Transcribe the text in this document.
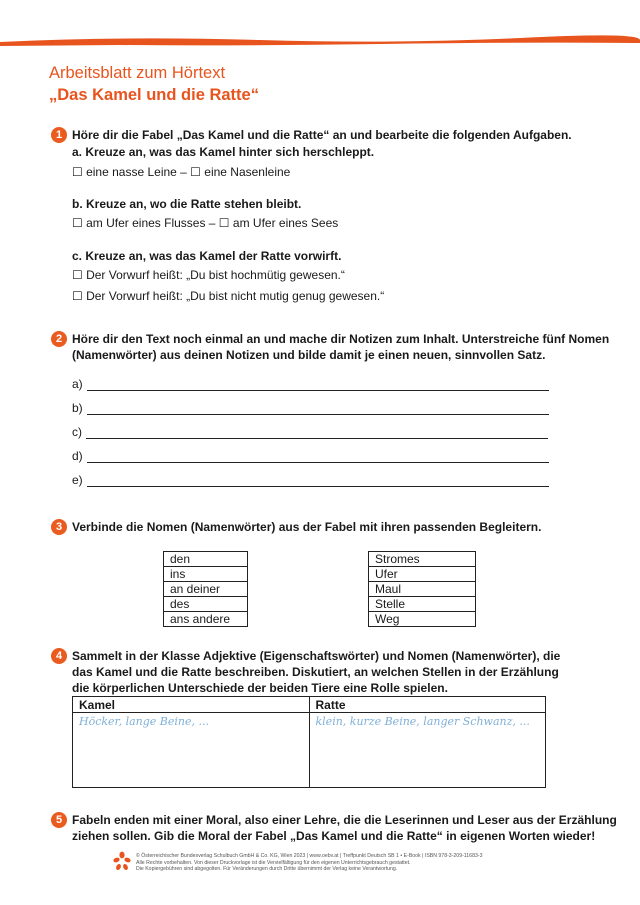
Arbeitsblatt zum Hörtext
„Das Kamel und die Ratte“
1 Höre dir die Fabel „Das Kamel und die Ratte“ an und bearbeite die folgenden Aufgaben.
a. Kreuze an, was das Kamel hinter sich herschleppt.
☐ eine nasse Leine – ☐ eine Nasenleine
b. Kreuze an, wo die Ratte stehen bleibt.
☐ am Ufer eines Flusses – ☐ am Ufer eines Sees
c. Kreuze an, was das Kamel der Ratte vorwirft.
☐ Der Vorwurf heißt: „Du bist hochmütig gewesen.“
☐ Der Vorwurf heißt: „Du bist nicht mutig genug gewesen.“
2 Höre dir den Text noch einmal an und mache dir Notizen zum Inhalt. Unterstreiche fünf Nomen
(Namenwörter) aus deinen Notizen und bilde damit je einen neuen, sinnvollen Satz.
a)
b)
c)
d)
e)
3 Verbinde die Nomen (Namenwörter) aus der Fabel mit ihren passenden Begleitern.
den
ins
an deiner
des
ans andere
Stromes
Ufer
Maul
Stelle
Weg
4 Sammelt in der Klasse Adjektive (Eigenschaftswörter) und Nomen (Namenwörter), die
das Kamel und die Ratte beschreiben. Diskutiert, an welchen Stellen in der Erzählung
die körperlichen Unterschiede der beiden Tiere eine Rolle spielen.
Kamel	Ratte
Höcker, lange Beine, ...	klein, kurze Beine, langer Schwanz, ...
5 Fabeln enden mit einer Moral, also einer Lehre, die die Leserinnen und Leser aus der Erzählung
ziehen sollen. Gib die Moral der Fabel „Das Kamel und die Ratte“ in eigenen Worten wieder!
© Österreichischer Bundesverlag Schulbuch GmbH & Co. KG, Wien 2023 | www.oebv.at | Treffpunkt Deutsch SB 1 • E-Book | ISBN 978-3-209-11683-3
Alle Rechte vorbehalten. Von dieser Druckvorlage ist die Vervielfältigung für den eigenen Unterrichtsgebrauch gestattet.
Die Kopiergebühren sind abgegolten. Für Veränderungen durch Dritte übernimmt der Verlag keine Verantwortung.
